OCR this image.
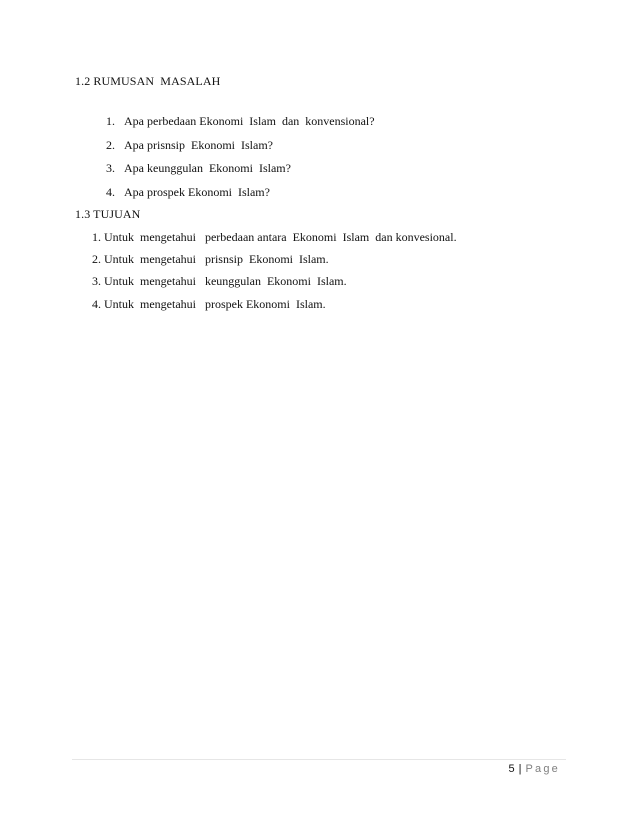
1.2 RUMUSAN  MASALAH

1. Apa perbedaan Ekonomi  Islam  dan  konvensional?

2. Apa prisnsip  Ekonomi  Islam?

3. Apa keunggulan  Ekonomi  Islam?

4. Apa prospek Ekonomi  Islam?

1.3 TUJUAN
1. Untuk  mengetahui   perbedaan antara  Ekonomi  Islam  dan konvesional.
2. Untuk  mengetahui   prisnsip  Ekonomi  Islam.
3. Untuk  mengetahui   keunggulan  Ekonomi  Islam.
4. Untuk  mengetahui   prospek Ekonomi  Islam.
5 | Page
